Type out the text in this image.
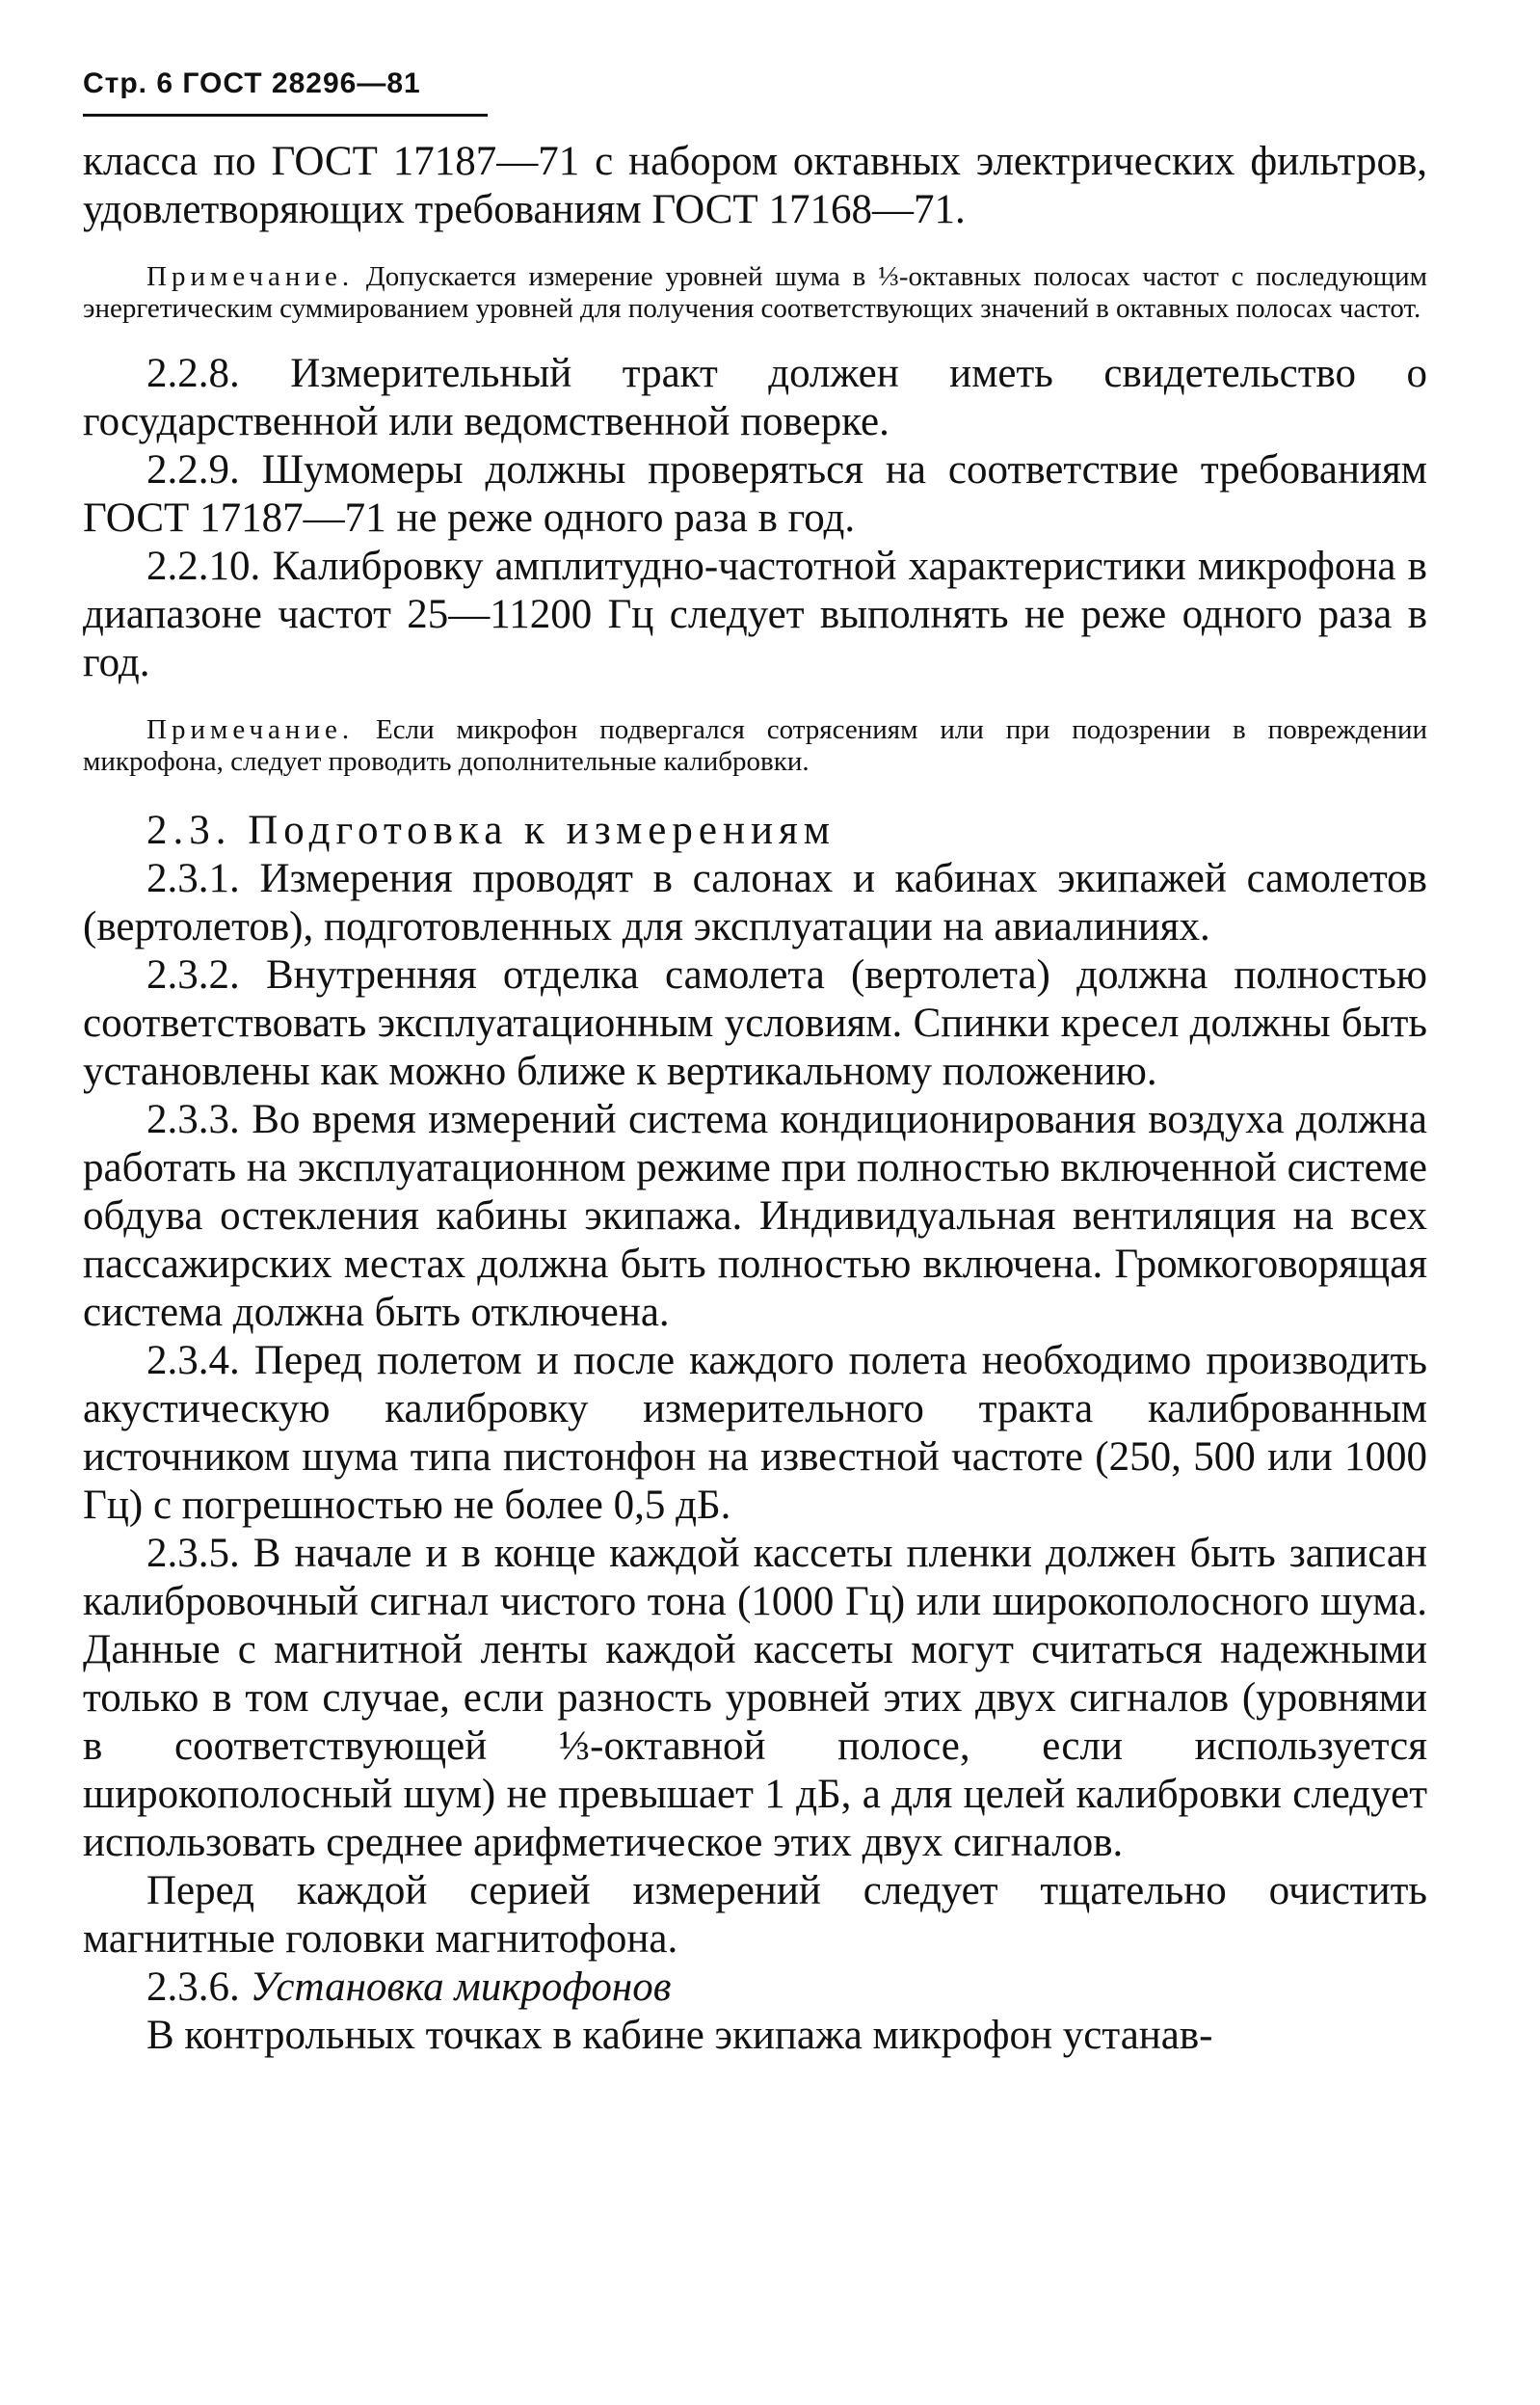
Стр. 6 ГОСТ 28296—81

класса по ГОСТ 17187—71 с набором октавных электрических фильтров, удовлетворяющих требованиям ГОСТ 17168—71.

Примечание. Допускается измерение уровней шума в ⅓-октавных полосах частот с последующим энергетическим суммированием уровней для получения соответствующих значений в октавных полосах частот.

2.2.8. Измерительный тракт должен иметь свидетельство о государственной или ведомственной поверке.

2.2.9. Шумомеры должны проверяться на соответствие требованиям ГОСТ 17187—71 не реже одного раза в год.

2.2.10. Калибровку амплитудно-частотной характеристики микрофона в диапазоне частот 25—11200 Гц следует выполнять не реже одного раза в год.

Примечание. Если микрофон подвергался сотрясениям или при подозрении в повреждении микрофона, следует проводить дополнительные калибровки.

2.3. Подготовка к измерениям

2.3.1. Измерения проводят в салонах и кабинах экипажей самолетов (вертолетов), подготовленных для эксплуатации на авиалиниях.

2.3.2. Внутренняя отделка самолета (вертолета) должна полностью соответствовать эксплуатационным условиям. Спинки кресел должны быть установлены как можно ближе к вертикальному положению.

2.3.3. Во время измерений система кондиционирования воздуха должна работать на эксплуатационном режиме при полностью включенной системе обдува остекления кабины экипажа. Индивидуальная вентиляция на всех пассажирских местах должна быть полностью включена. Громкоговорящая система должна быть отключена.

2.3.4. Перед полетом и после каждого полета необходимо производить акустическую калибровку измерительного тракта калиброванным источником шума типа пистонфон на известной частоте (250, 500 или 1000 Гц) с погрешностью не более 0,5 дБ.

2.3.5. В начале и в конце каждой кассеты пленки должен быть записан калибровочный сигнал чистого тона (1000 Гц) или широкополосного шума. Данные с магнитной ленты каждой кассеты могут считаться надежными только в том случае, если разность уровней этих двух сигналов (уровнями в соответствующей ⅓-октавной полосе, если используется широкополосный шум) не превышает 1 дБ, а для целей калибровки следует использовать среднее арифметическое этих двух сигналов.

Перед каждой серией измерений следует тщательно очистить магнитные головки магнитофона.

2.3.6. Установка микрофонов

В контрольных точках в кабине экипажа микрофон устанав-
